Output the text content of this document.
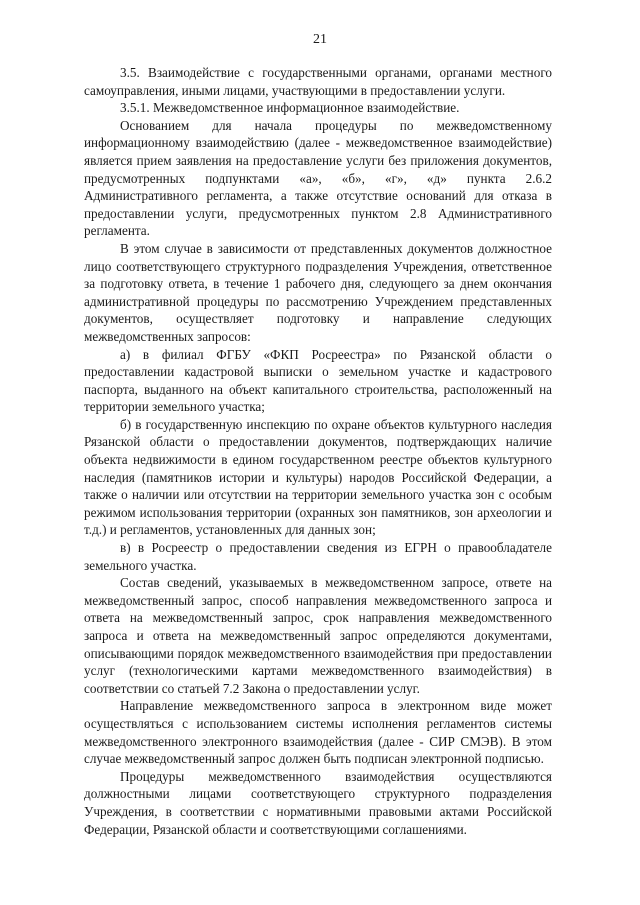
21

3.5. Взаимодействие с государственными органами, органами местного самоуправления, иными лицами, участвующими в предоставлении услуги.

3.5.1. Межведомственное информационное взаимодействие.

Основанием для начала процедуры по межведомственному информационному взаимодействию (далее - межведомственное взаимодействие) является прием заявления на предоставление услуги без приложения документов, предусмотренных подпунктами «а», «б», «г», «д» пункта 2.6.2 Административного регламента, а также отсутствие оснований для отказа в предоставлении услуги, предусмотренных пунктом 2.8 Административного регламента.

В этом случае в зависимости от представленных документов должностное лицо соответствующего структурного подразделения Учреждения, ответственное за подготовку ответа, в течение 1 рабочего дня, следующего за днем окончания административной процедуры по рассмотрению Учреждением представленных документов, осуществляет подготовку и направление следующих межведомственных запросов:

а) в филиал ФГБУ «ФКП Росреестра» по Рязанской области о предоставлении кадастровой выписки о земельном участке и кадастрового паспорта, выданного на объект капитального строительства, расположенный на территории земельного участка;

б) в государственную инспекцию по охране объектов культурного наследия Рязанской области о предоставлении документов, подтверждающих наличие объекта недвижимости в едином государственном реестре объектов культурного наследия (памятников истории и культуры) народов Российской Федерации, а также о наличии или отсутствии на территории земельного участка зон с особым режимом использования территории (охранных зон памятников, зон археологии и т.д.) и регламентов, установленных для данных зон;

в) в Росреестр о предоставлении сведения из ЕГРН о правообладателе земельного участка.

Состав сведений, указываемых в межведомственном запросе, ответе на межведомственный запрос, способ направления межведомственного запроса и ответа на межведомственный запрос, срок направления межведомственного запроса и ответа на межведомственный запрос определяются документами, описывающими порядок межведомственного взаимодействия при предоставлении услуг (технологическими картами межведомственного взаимодействия) в соответствии со статьей 7.2 Закона о предоставлении услуг.

Направление межведомственного запроса в электронном виде может осуществляться с использованием системы исполнения регламентов системы межведомственного электронного взаимодействия (далее - СИР СМЭВ). В этом случае межведомственный запрос должен быть подписан электронной подписью.

Процедуры межведомственного взаимодействия осуществляются должностными лицами соответствующего структурного подразделения Учреждения, в соответствии с нормативными правовыми актами Российской Федерации, Рязанской области и соответствующими соглашениями.
